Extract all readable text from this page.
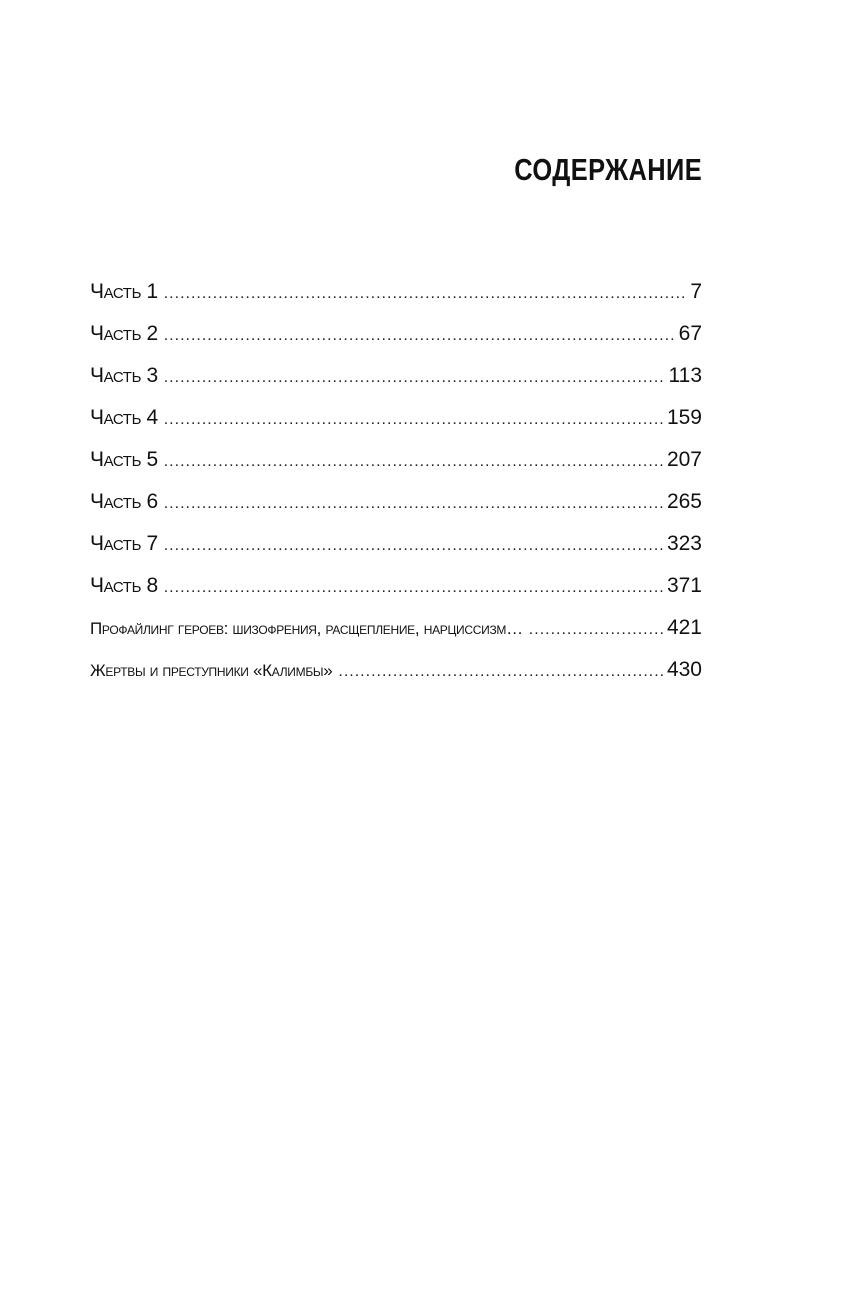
СОДЕРЖАНИЕ
Часть 1 .....	7
Часть 2 .....	67
Часть 3 .....	113
Часть 4 .....	159
Часть 5 .....	207
Часть 6 .....	265
Часть 7 .....	323
Часть 8 .....	371
Профайлинг героев: шизофрения, расщепление, нарциссизм… .....	421
Жертвы и преступники «Калимбы» .....	430
